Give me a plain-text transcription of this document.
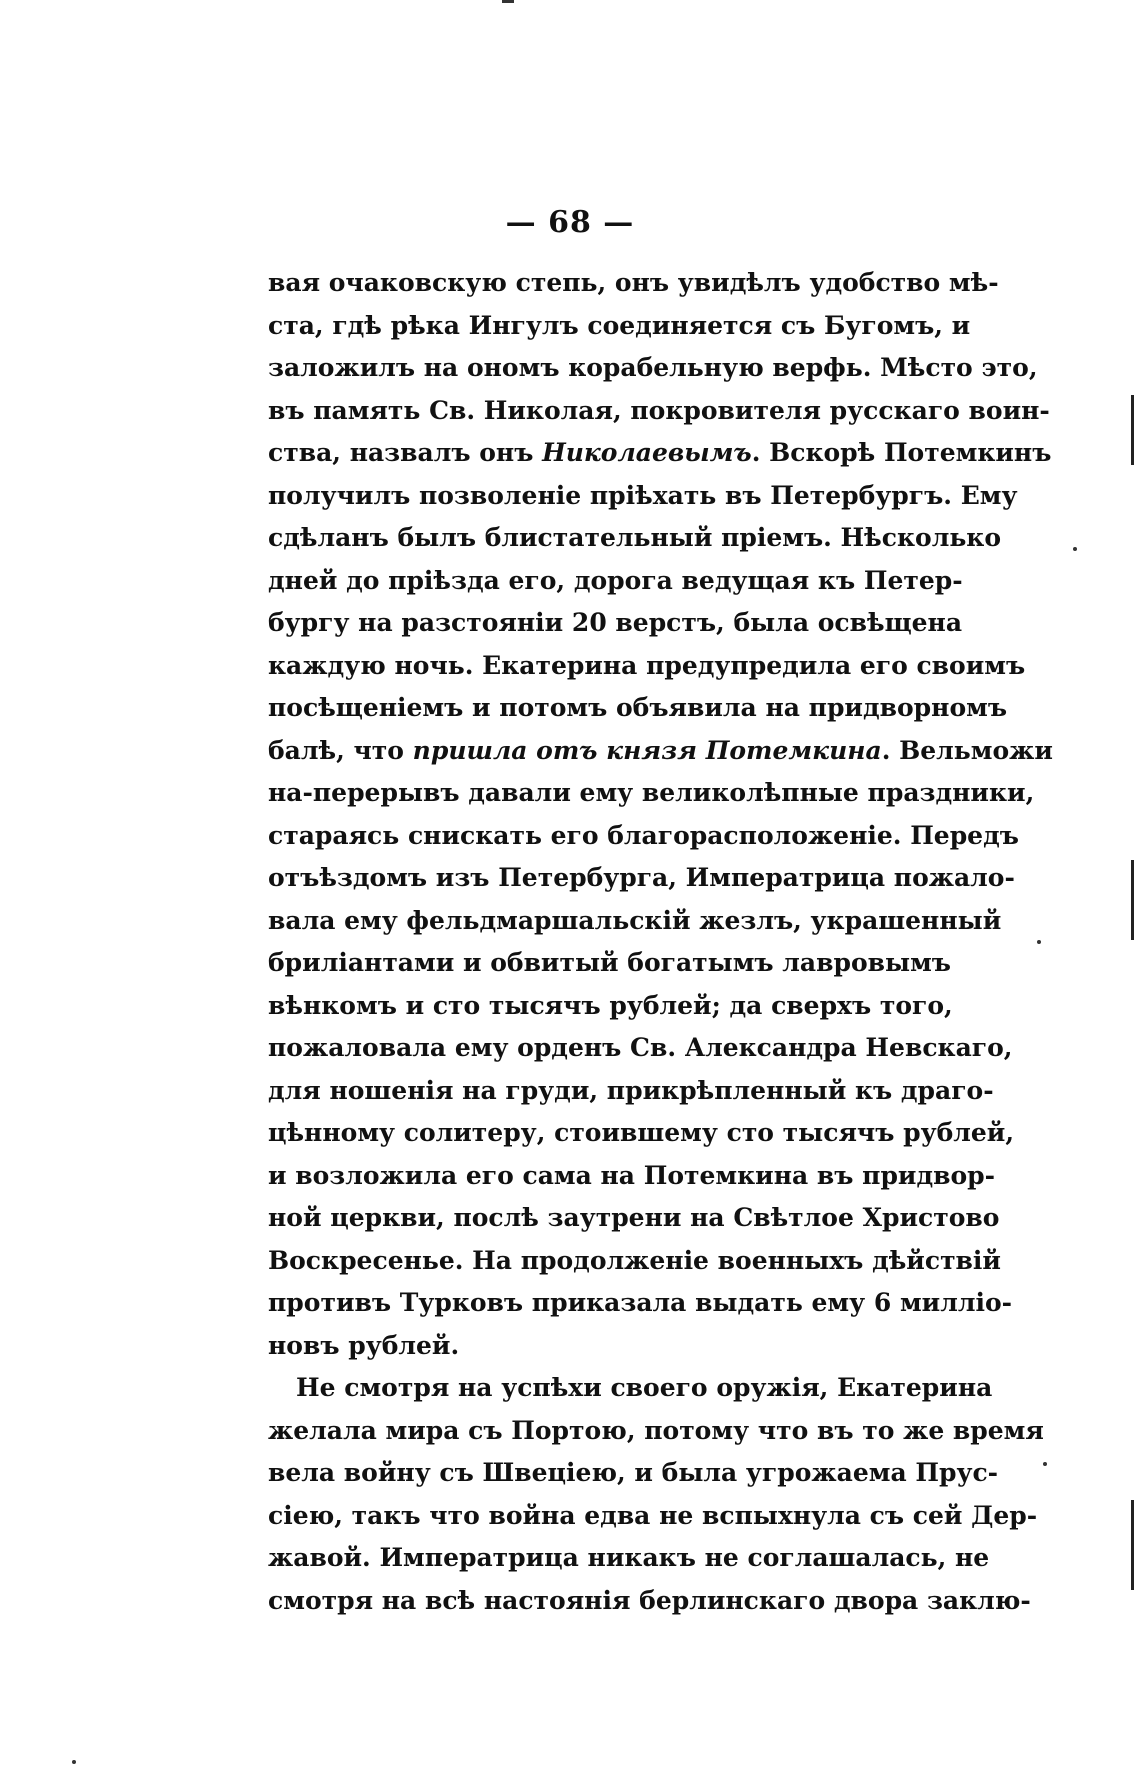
— 68 —
вая очаковскую степь, онъ увидѣлъ удобство мѣ-
ста, гдѣ рѣка Ингулъ соединяется съ Бугомъ, и
заложилъ на ономъ корабельную верфь. Мѣсто это,
въ память Св. Николая, покровителя русскаго воин-
ства, назвалъ онъ Николаевымъ. Вскорѣ Потемкинъ
получилъ позволеніе пріѣхать въ Петербургъ. Ему
сдѣланъ былъ блистательный пріемъ. Нѣсколько
дней до пріѣзда его, дорога ведущая къ Петер-
бургу на разстояніи 20 верстъ, была освѣщена
каждую ночь. Екатерина предупредила его своимъ
посѣщеніемъ и потомъ объявила на придворномъ
балѣ, что пришла отъ князя Потемкина. Вельможи
на-перерывъ давали ему великолѣпные праздники,
стараясь снискать его благорасположеніе. Передъ
отъѣздомъ изъ Петербурга, Императрица пожало-
вала ему фельдмаршальскій жезлъ, украшенный
бриліантами и обвитый богатымъ лавровымъ
вѣнкомъ и сто тысячъ рублей; да сверхъ того,
пожаловала ему орденъ Св. Александра Невскаго,
для ношенія на груди, прикрѣпленный къ драго-
цѣнному солитеру, стоившему сто тысячъ рублей,
и возложила его сама на Потемкина въ придвор-
ной церкви, послѣ заутрени на Свѣтлое Христово
Воскресенье. На продолженіе военныхъ дѣйствій
противъ Турковъ приказала выдать ему 6 милліо-
новъ рублей.
Не смотря на успѣхи своего оружія, Екатерина
желала мира съ Портою, потому что въ то же время
вела войну съ Швеціею, и была угрожаема Прус-
сіею, такъ что война едва не вспыхнула съ сей Дер-
жавой. Императрица никакъ не соглашалась, не
смотря на всѣ настоянія берлинскаго двора заклю-
